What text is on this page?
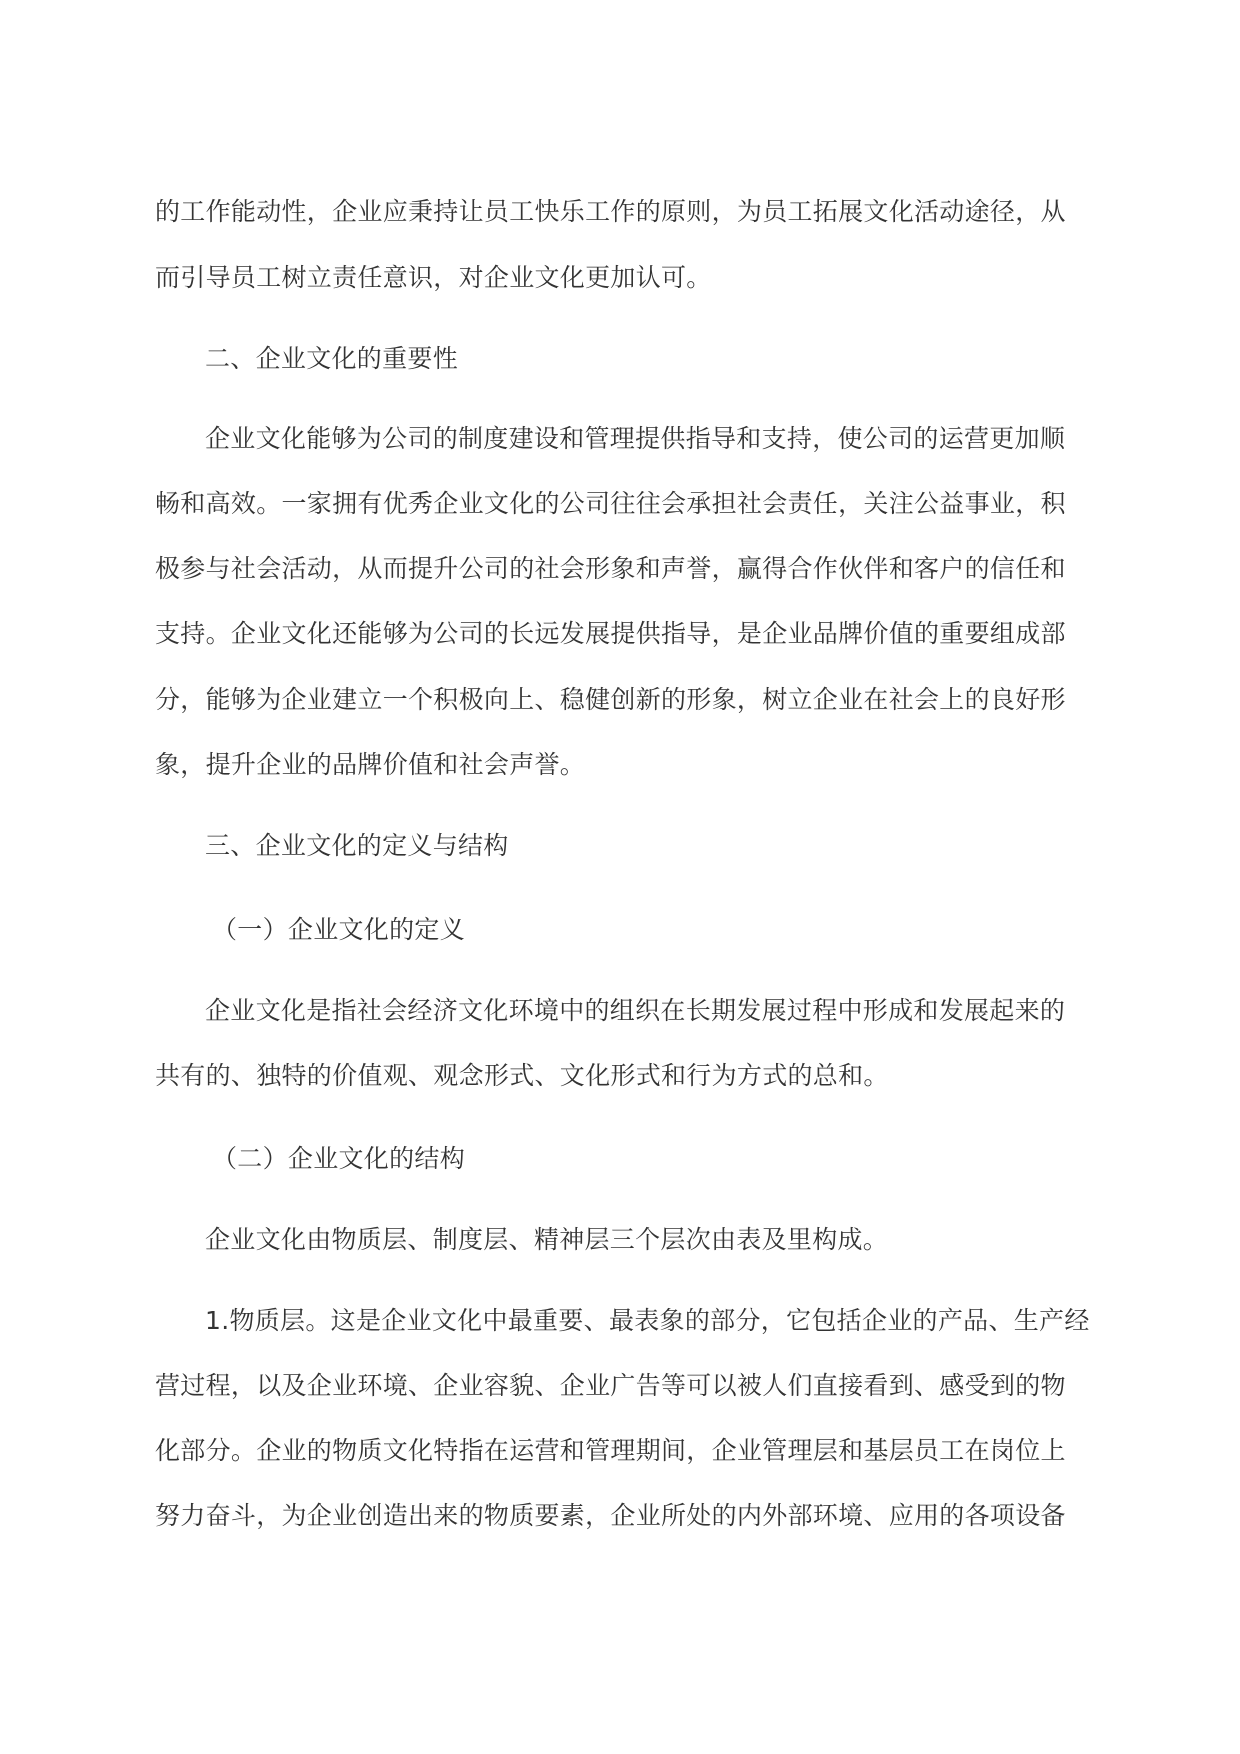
的工作能动性，企业应秉持让员工快乐工作的原则，为员工拓展文化活动途径，从
而引导员工树立责任意识，对企业文化更加认可。
二、企业文化的重要性
企业文化能够为公司的制度建设和管理提供指导和支持，使公司的运营更加顺
畅和高效。一家拥有优秀企业文化的公司往往会承担社会责任，关注公益事业，积
极参与社会活动，从而提升公司的社会形象和声誉，赢得合作伙伴和客户的信任和
支持。企业文化还能够为公司的长远发展提供指导，是企业品牌价值的重要组成部
分，能够为企业建立一个积极向上、稳健创新的形象，树立企业在社会上的良好形
象，提升企业的品牌价值和社会声誉。
三、企业文化的定义与结构
（一）企业文化的定义
企业文化是指社会经济文化环境中的组织在长期发展过程中形成和发展起来的
共有的、独特的价值观、观念形式、文化形式和行为方式的总和。
（二）企业文化的结构
企业文化由物质层、制度层、精神层三个层次由表及里构成。
1.物质层。这是企业文化中最重要、最表象的部分，它包括企业的产品、生产经
营过程，以及企业环境、企业容貌、企业广告等可以被人们直接看到、感受到的物
化部分。企业的物质文化特指在运营和管理期间，企业管理层和基层员工在岗位上
努力奋斗，为企业创造出来的物质要素，企业所处的内外部环境、应用的各项设备
